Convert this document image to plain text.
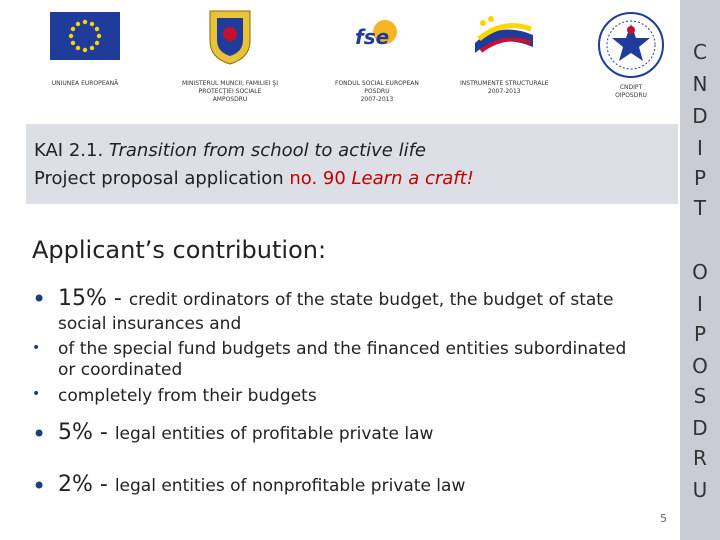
UNIUNEA EUROPEANĂ	MINISTERUL MUNCII, FAMILIEI ŞI
PROTECŢIEI SOCIALE
AMPOSDRU
fse
FONDUL SOCIAL EUROPEAN
POSDRU
2007-2013
INSTRUMENTE STRUCTURALE
2007-2013
CNDIPT
OIPOSDRU
KAI 2.1. Transition from school to active life
Project proposal application no. 90 Learn a craft!
Applicant’s contribution:
• 15% - credit ordinators of the state budget, the budget of state
social insurances and
• of the special fund budgets and the financed entities subordinated
or coordinated
• completely from their budgets
• 5% - legal entities of profitable private law
• 2% - legal entities of nonprofitable private law
C
N
D
I
P
T
O
I
P
O
S
D
R
U
5
